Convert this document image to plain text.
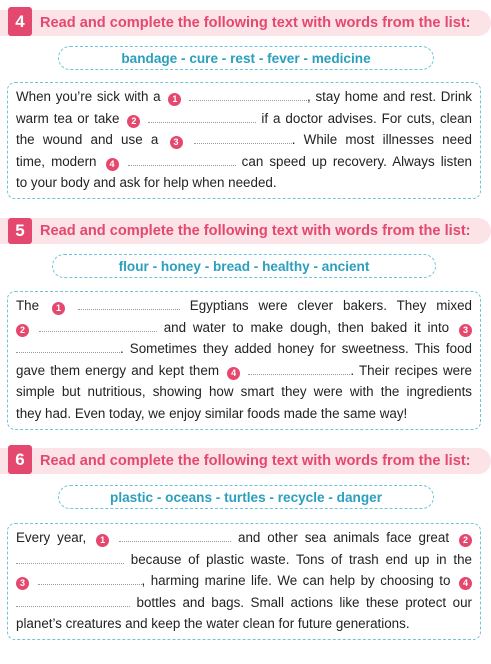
4	Read and complete the following text with words from the list:
bandage - cure - rest - fever - medicine
When you’re sick with a 1	, stay home and rest. Drink
warm tea or take 2	if a doctor advises. For cuts, clean
the wound and use a 3	. While most illnesses need
time, modern 4	can speed up recovery. Always listen
to your body and ask for help when needed.
5	Read and complete the following text with words from the list:
flour - honey - bread - healthy - ancient
The 1	Egyptians were clever bakers. They mixed
2	and water to make dough, then baked it into 3
. Sometimes they added honey for sweetness. This food
gave them energy and kept them 4	. Their recipes were
simple but nutritious, showing how smart they were with the ingredients
they had. Even today, we enjoy similar foods made the same way!
6	Read and complete the following text with words from the list:
plastic - oceans - turtles - recycle - danger
Every year, 1	and other sea animals face great 2
because of plastic waste. Tons of trash end up in the
3	, harming marine life. We can help by choosing to 4
bottles and bags. Small actions like these protect our
planet’s creatures and keep the water clean for future generations.
